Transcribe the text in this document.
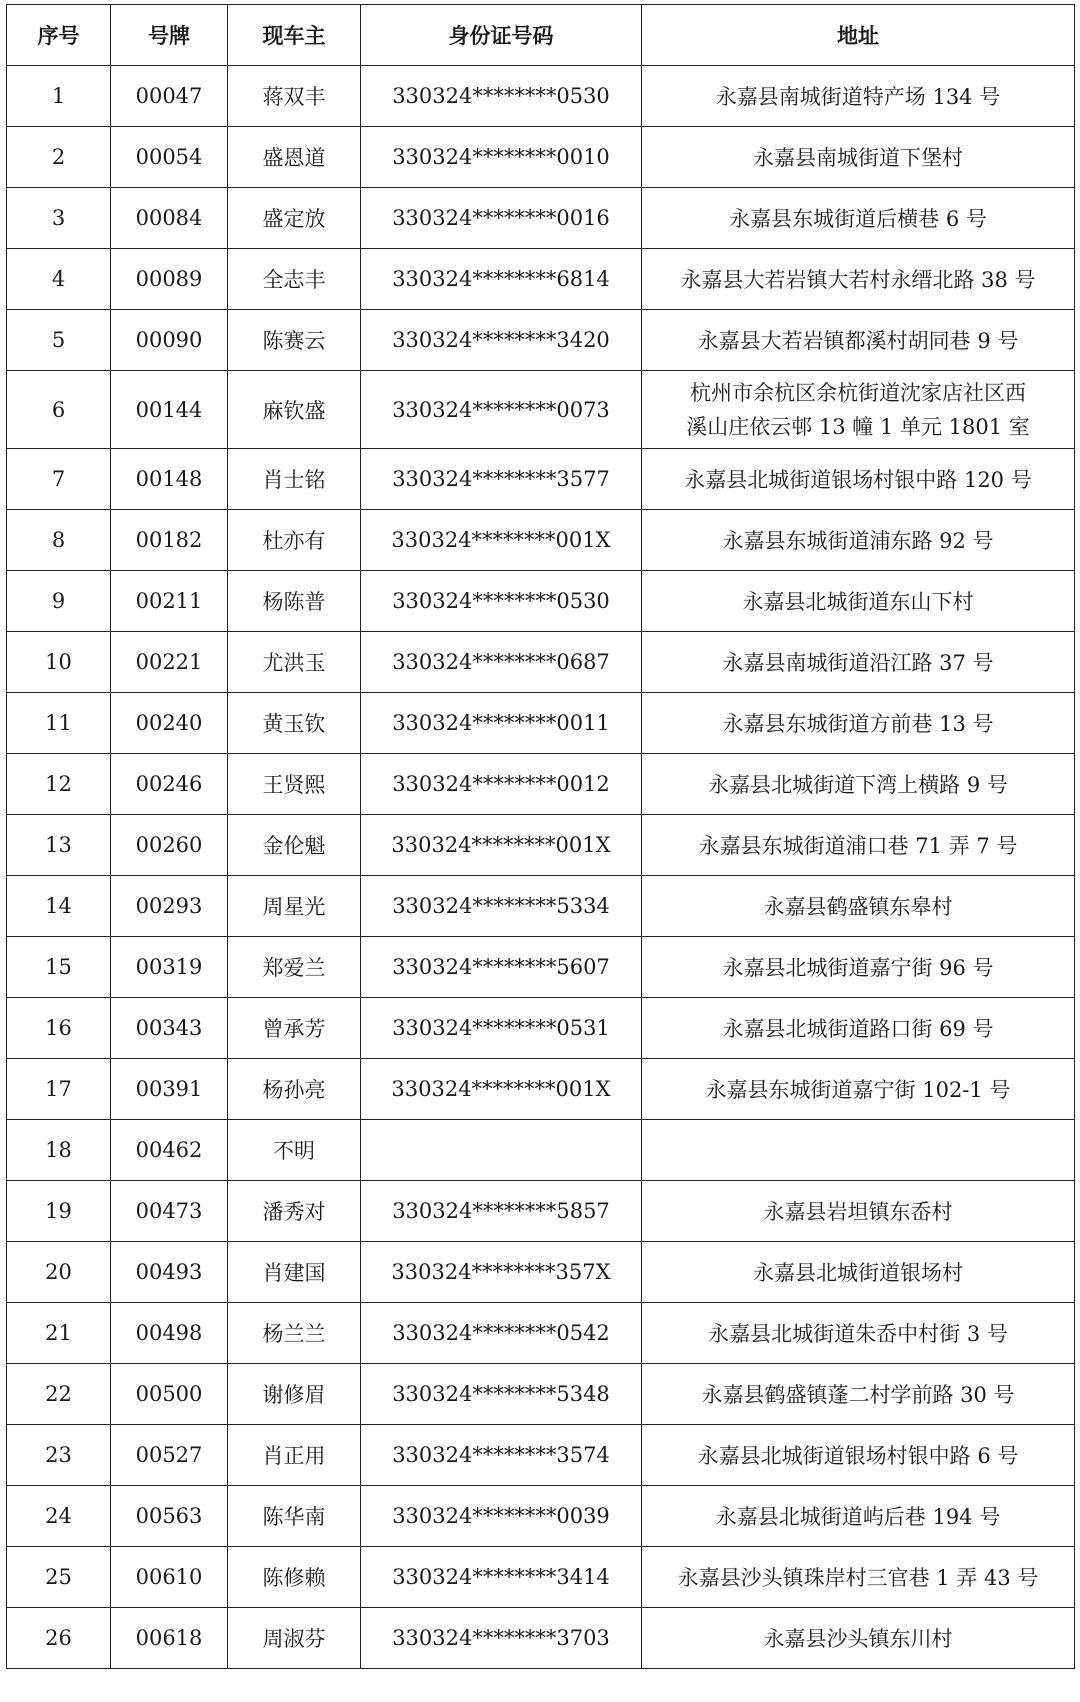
序号	号牌	现车主	身份证号码	地址
1	00047	蒋双丰	330324********0530	永嘉县南城街道特产场 134 号
2	00054	盛恩道	330324********0010	永嘉县南城街道下堡村
3	00084	盛定放	330324********0016	永嘉县东城街道后横巷 6 号
4	00089	全志丰	330324********6814	永嘉县大若岩镇大若村永缙北路 38 号
5	00090	陈赛云	330324********3420	永嘉县大若岩镇都溪村胡同巷 9 号
6	00144	麻钦盛	330324********0073	杭州市余杭区余杭街道沈家店社区西
溪山庄依云邨 13 幢 1 单元 1801 室

7	00148	肖士铭	330324********3577	永嘉县北城街道银场村银中路 120 号
8	00182	杜亦有	330324********001X	永嘉县东城街道浦东路 92 号
9	00211	杨陈普	330324********0530	永嘉县北城街道东山下村
10	00221	尤洪玉	330324********0687	永嘉县南城街道沿江路 37 号
11	00240	黄玉钦	330324********0011	永嘉县东城街道方前巷 13 号
12	00246	王贤熙	330324********0012	永嘉县北城街道下湾上横路 9 号
13	00260	金伦魁	330324********001X	永嘉县东城街道浦口巷 71 弄 7 号
14	00293	周星光	330324********5334	永嘉县鹤盛镇东皋村
15	00319	郑爱兰	330324********5607	永嘉县北城街道嘉宁街 96 号
16	00343	曾承芳	330324********0531	永嘉县北城街道路口街 69 号
17	00391	杨孙亮	330324********001X	永嘉县东城街道嘉宁街 102-1 号
18	00462	不明		
19	00473	潘秀对	330324********5857	永嘉县岩坦镇东岙村
20	00493	肖建国	330324********357X	永嘉县北城街道银场村
21	00498	杨兰兰	330324********0542	永嘉县北城街道朱岙中村街 3 号
22	00500	谢修眉	330324********5348	永嘉县鹤盛镇蓬二村学前路 30 号
23	00527	肖正用	330324********3574	永嘉县北城街道银场村银中路 6 号
24	00563	陈华南	330324********0039	永嘉县北城街道屿后巷 194 号
25	00610	陈修赖	330324********3414	永嘉县沙头镇珠岸村三官巷 1 弄 43 号
26	00618	周淑芬	330324********3703	永嘉县沙头镇东川村
